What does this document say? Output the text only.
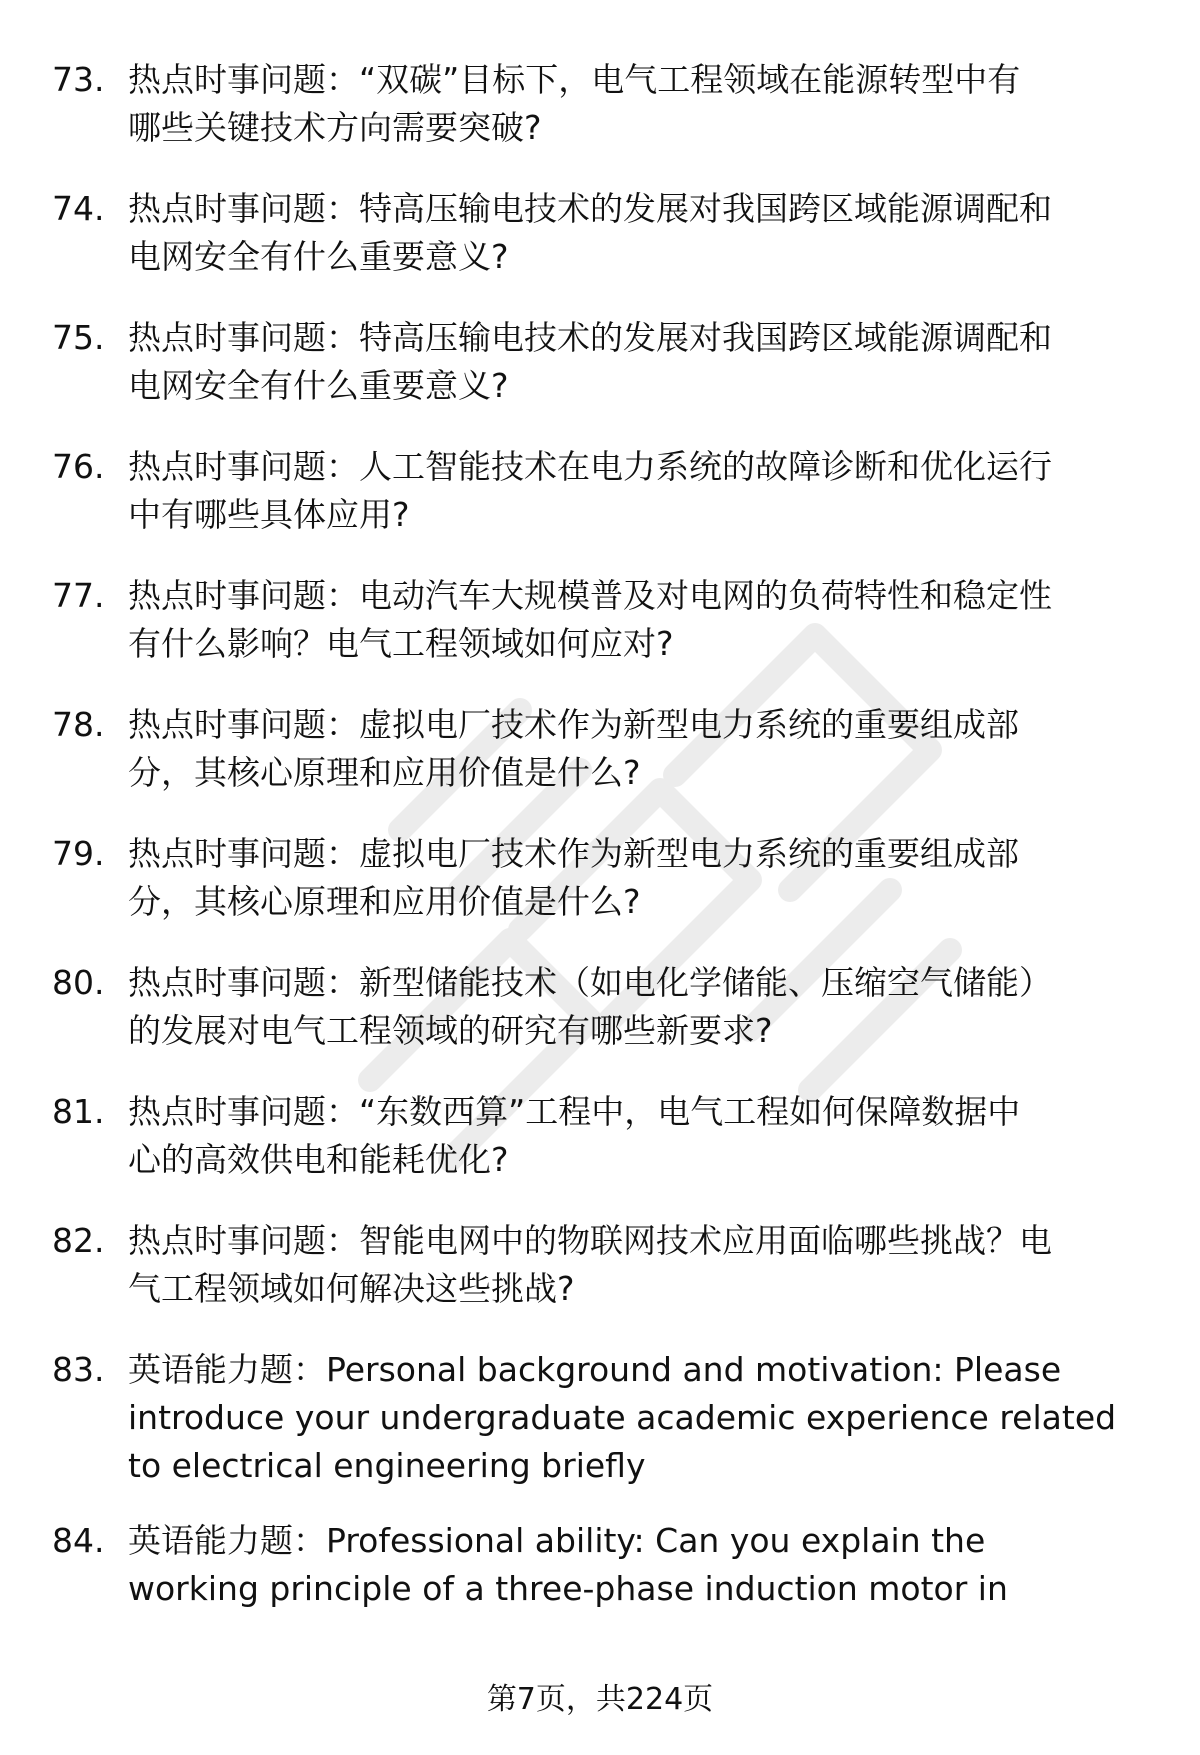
73. 热点时事问题：“双碳”目标下，电气工程领域在能源转型中有
哪些关键技术方向需要突破?
74. 热点时事问题：特高压输电技术的发展对我国跨区域能源调配和
电网安全有什么重要意义?
75. 热点时事问题：特高压输电技术的发展对我国跨区域能源调配和
电网安全有什么重要意义?
76. 热点时事问题：人工智能技术在电力系统的故障诊断和优化运行
中有哪些具体应用?
77. 热点时事问题：电动汽车大规模普及对电网的负荷特性和稳定性
有什么影响？电气工程领域如何应对?
78. 热点时事问题：虚拟电厂技术作为新型电力系统的重要组成部
分，其核心原理和应用价值是什么?
79. 热点时事问题：虚拟电厂技术作为新型电力系统的重要组成部
分，其核心原理和应用价值是什么?
80. 热点时事问题：新型储能技术（如电化学储能、压缩空气储能）
的发展对电气工程领域的研究有哪些新要求?
81. 热点时事问题：“东数西算”工程中，电气工程如何保障数据中
心的高效供电和能耗优化?
82. 热点时事问题：智能电网中的物联网技术应用面临哪些挑战？电
气工程领域如何解决这些挑战?
83. 英语能力题：Personal background and motivation: Please
introduce your undergraduate academic experience related
to electrical engineering briefly
84. 英语能力题：Professional ability: Can you explain the
working principle of a three-phase induction motor in
第7页，共224页
